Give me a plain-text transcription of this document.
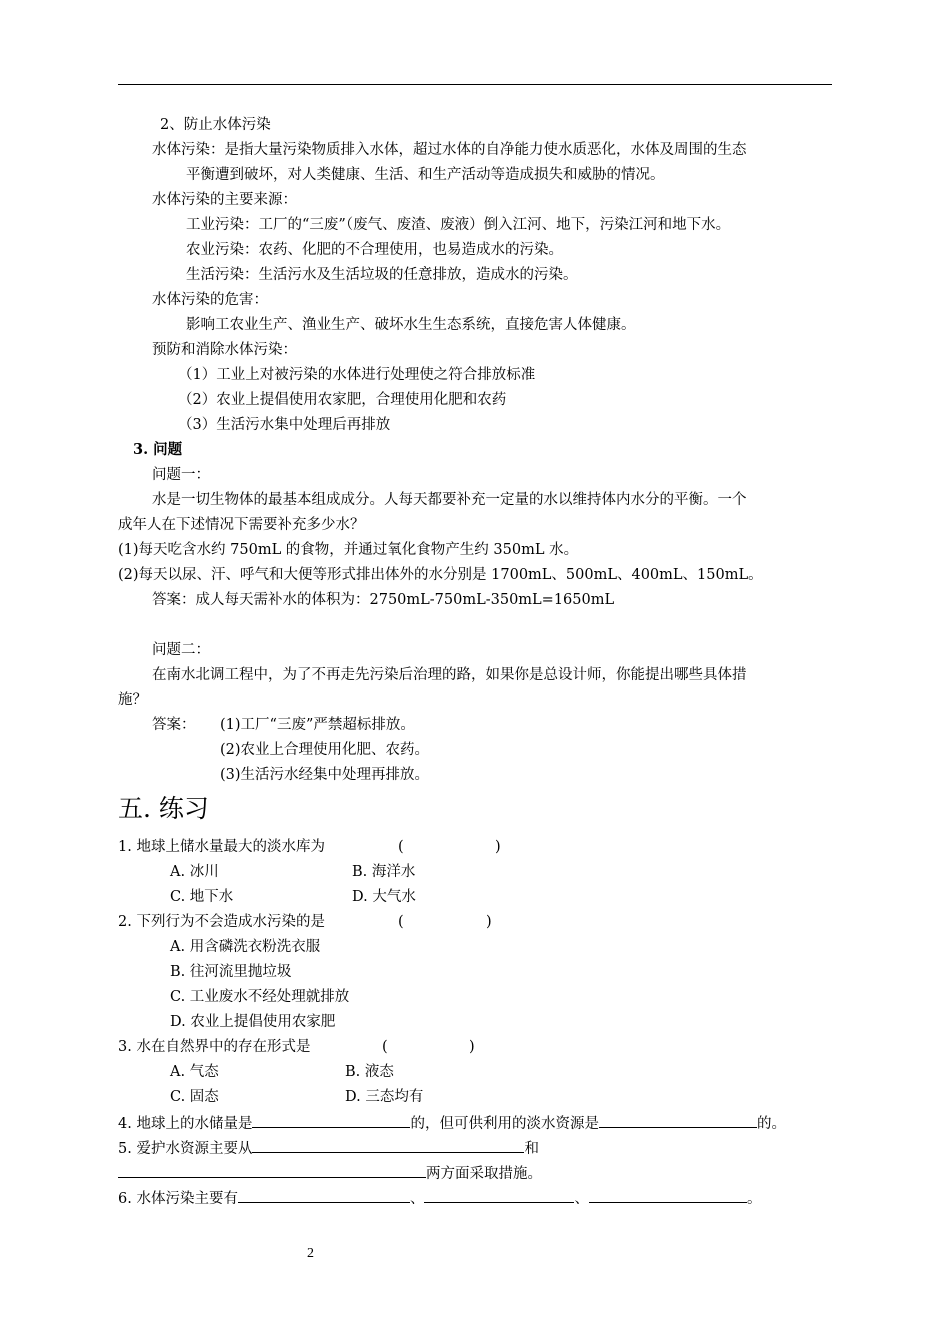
2、防止水体污染
水体污染：是指大量污染物质排入水体，超过水体的自净能力使水质恶化，水体及周围的生态
平衡遭到破坏，对人类健康、生活、和生产活动等造成损失和威胁的情况。
水体污染的主要来源：
工业污染：工厂的“三废”（废气、废渣、废液）倒入江河、地下，污染江河和地下水。
农业污染：农药、化肥的不合理使用，也易造成水的污染。
生活污染：生活污水及生活垃圾的任意排放，造成水的污染。
水体污染的危害：
影响工农业生产、渔业生产、破坏水生生态系统，直接危害人体健康。
预防和消除水体污染：
（1）工业上对被污染的水体进行处理使之符合排放标准
（2）农业上提倡使用农家肥，合理使用化肥和农药
（3）生活污水集中处理后再排放
3. 问题
问题一：
水是一切生物体的最基本组成成分。人每天都要补充一定量的水以维持体内水分的平衡。一个
成年人在下述情况下需要补充多少水？
(1)每天吃含水约 750mL 的食物，并通过氧化食物产生约 350mL 水。
(2)每天以尿、汗、呼气和大便等形式排出体外的水分别是 1700mL、500mL、400mL、150mL。
答案：成人每天需补水的体积为：2750mL-750mL-350mL=1650mL
问题二：
在南水北调工程中，为了不再走先污染后治理的路，如果你是总设计师，你能提出哪些具体措
施？
答案： (1)工厂“三废”严禁超标排放。
(2)农业上合理使用化肥、农药。
(3)生活污水经集中处理再排放。
五. 练习
1. 地球上储水量最大的淡水库为	(	)
A. 冰川	B. 海洋水
C. 地下水	D. 大气水
2. 下列行为不会造成水污染的是	(	)
A. 用含磷洗衣粉洗衣服
B. 往河流里抛垃圾
C. 工业废水不经处理就排放
D. 农业上提倡使用农家肥
3. 水在自然界中的存在形式是	(	)
A. 气态	B. 液态
C. 固态	D. 三态均有
4. 地球上的水储量是	的，但可供利用的淡水资源是	的。
5. 爱护水资源主要从	和
两方面采取措施。
6. 水体污染主要有	、	、	。
2
